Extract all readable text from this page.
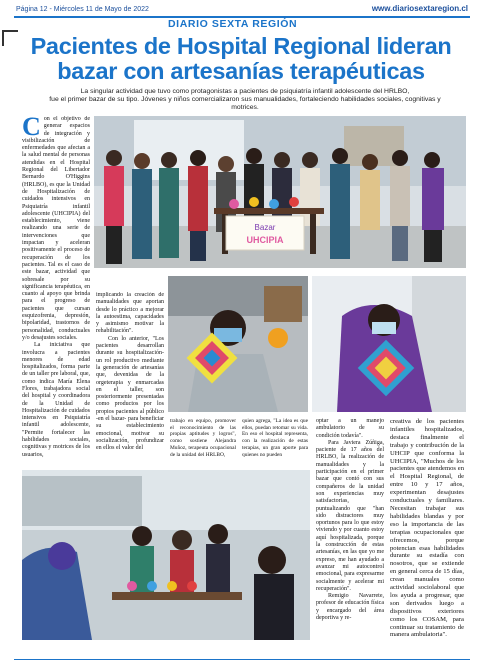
Página 12 - Miércoles 11 de Mayo de 2022
DIARIO SEXTA REGIÓN
www.diariosextaregion.cl
Pacientes de Hospital Regional lideran
bazar con artesanías terapéuticas
La singular actividad que tuvo como protagonistas a pacientes de psiquiatría infantil adolescente del HRLBO,
fue el primer bazar de su tipo. Jóvenes y niños comercializaron sus manualidades, fortaleciendo habilidades sociales, cognitivas y motrices.

Con el objetivo de generar espacios de integración y visibilización de enfermedades que afectan a la salud mental de personas atendidas en el Hospital Regional del Libertador Bernardo O'Higgins (HRLBO), es que la Unidad de Hospitalización de cuidados intensivos en Psiquiatría infantil adolescente (UHCIPIA) del establecimiento, viene realizando una serie de intervenciones que impactan y aceleran positivamente el proceso de recuperación de los pacientes. Tal es el caso de este bazar, actividad que sobresale por su significancia terapéutica, en cuanto al apoyo que brinda para el progreso de pacientes que cursan esquizofrenia, depresión, bipolaridad, trastornos de personalidad, conductuales y/o desajustes sociales.

La iniciativa que involucra a pacientes menores de edad hospitalizados, forma parte de un taller pre laboral, que, como indica María Elena Flores, trabajadora social del hospital y coordinadora de la Unidad de Hospitalización de cuidados intensivos en Psiquiatría infantil adolescente, "Permite fortalecer las habilidades sociales, cognitivas y motrices de los usuarios,

Bazar
UHCIPIA

implicando la creación de manualidades que aportan desde lo práctico a mejorar la autoestima, capacidades y asimismo motivar la rehabilitación".

Con lo anterior, "Los pacientes desarrollan durante su hospitalización- un rol productivo mediante la generación de artesanías que, devenidas de la orgeterapia y enmarcadas en el taller, son posteriormente presentadas como productos por los propios pacientes al público -en el bazar- para beneficiar su establecimiento emocional, motivar su socialización, profundizar en ellos el valor del

trabajo en equipo, promover el reconocimiento de las propias aptitudes y logros", como sostiene Alejandra Muñoz, terapeuta ocupacional de la unidad del HRLBO,

quien agrega, "La idea es que ellos, puedan retomar su vida. En eso el hospital representa, con la realización de estas terapias, un gran aporte para quienes no pueden

optar a un manejo ambulatorio de su condición todavía".

Para Javiera Zúñiga, paciente de 17 años del HRLBO, la realización de manualidades y la participación en el primer bazar que contó con sus compañeros de la unidad son experiencias muy satisfactorias, puntualizando que "han sido distractores muy oportunos para lo que estoy viviendo y por cuanto estoy aquí hospitalizada, porque la construcción de estas artesanías, en las que yo me expreso, me han ayudado a avanzar mi autocontrol emocional, para expresarme socialmente y acelerar mi recuperación".

Remigio Navarrete, profesor de educación física y encargado del área deportiva y re-

creativa de los pacientes infantiles hospitalizados, destaca finalmente el trabajo y contribución de la UHCIP que conforma la UHCIPIA, "Muchos de los pacientes que atendemos en el Hospital Regional, de entre 10 y 17 años, experimentan desajustes conductuales y familiares. Necesitan trabajar sus habilidades blandas y por eso la importancia de las terapias ocupacionales que ofrecemos, porque potencian esas habilidades durante su estadía con nosotros, que se extiende en general cerca de 15 días, crean manuales como actividad sociolaboral que los ayuda a progresar, que son derivados luego a dispositivos exteriores como los COSAM, para continuar su tratamiento de manera ambulatoria".
